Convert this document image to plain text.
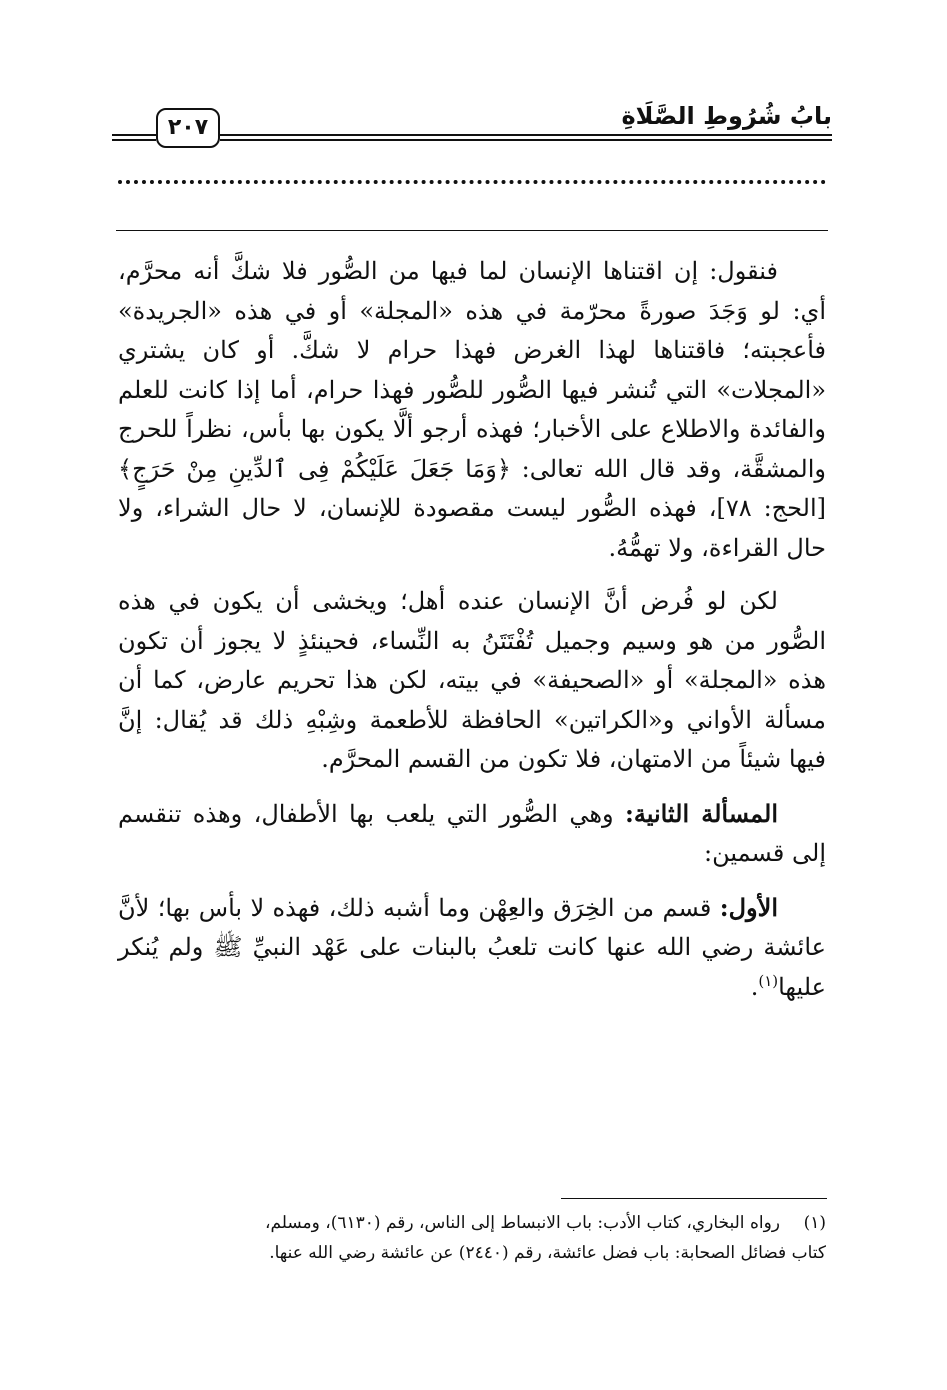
بابُ شُرُوطِ الصَّلَاةِ
٢٠٧

فنقول: إن اقتناها الإنسان لما فيها من الصُّور فلا شكَّ أنه محرَّم، أي: لو وَجَدَ صورةً محرّمة في هذه «المجلة» أو في هذه «الجريدة» فأعجبته؛ فاقتناها لهذا الغرض فهذا حرام لا شكَّ. أو كان يشتري «المجلات» التي تُنشر فيها الصُّور للصُّور فهذا حرام، أما إذا كانت للعلم والفائدة والاطلاع على الأخبار؛ فهذه أرجو ألَّا يكون بها بأس، نظراً للحرج والمشقَّة، وقد قال الله تعالى: ﴿وَمَا جَعَلَ عَلَيْكُمْ فِى ٱلدِّينِ مِنْ حَرَجٍ﴾ [الحج: ٧٨]، فهذه الصُّور ليست مقصودة للإنسان، لا حال الشراء، ولا حال القراءة، ولا تهمُّهُ.

لكن لو فُرض أنَّ الإنسان عنده أهل؛ ويخشى أن يكون في هذه الصُّور من هو وسيم وجميل تُفْتَتَنُ به النِّساء، فحينئذٍ لا يجوز أن تكون هذه «المجلة» أو «الصحيفة» في بيته، لكن هذا تحريم عارض، كما أن مسألة الأواني و«الكراتين» الحافظة للأطعمة وشِبْهِ ذلك قد يُقال: إنَّ فيها شيئاً من الامتهان، فلا تكون من القسم المحرَّم.

المسألة الثانية: وهي الصُّور التي يلعب بها الأطفال، وهذه تنقسم إلى قسمين:

الأول: قسم من الخِرَق والعِهْن وما أشبه ذلك، فهذه لا بأس بها؛ لأنَّ عائشة رضي الله عنها كانت تلعبُ بالبنات على عَهْد النبيِّ ﷺ ولم يُنكر عليها$^{(١)}$.

(١)رواه البخاري، كتاب الأدب: باب الانبساط إلى الناس، رقم (٦١٣٠)، ومسلم،
كتاب فضائل الصحابة: باب فضل عائشة، رقم (٢٤٤٠) عن عائشة رضي الله عنها.
